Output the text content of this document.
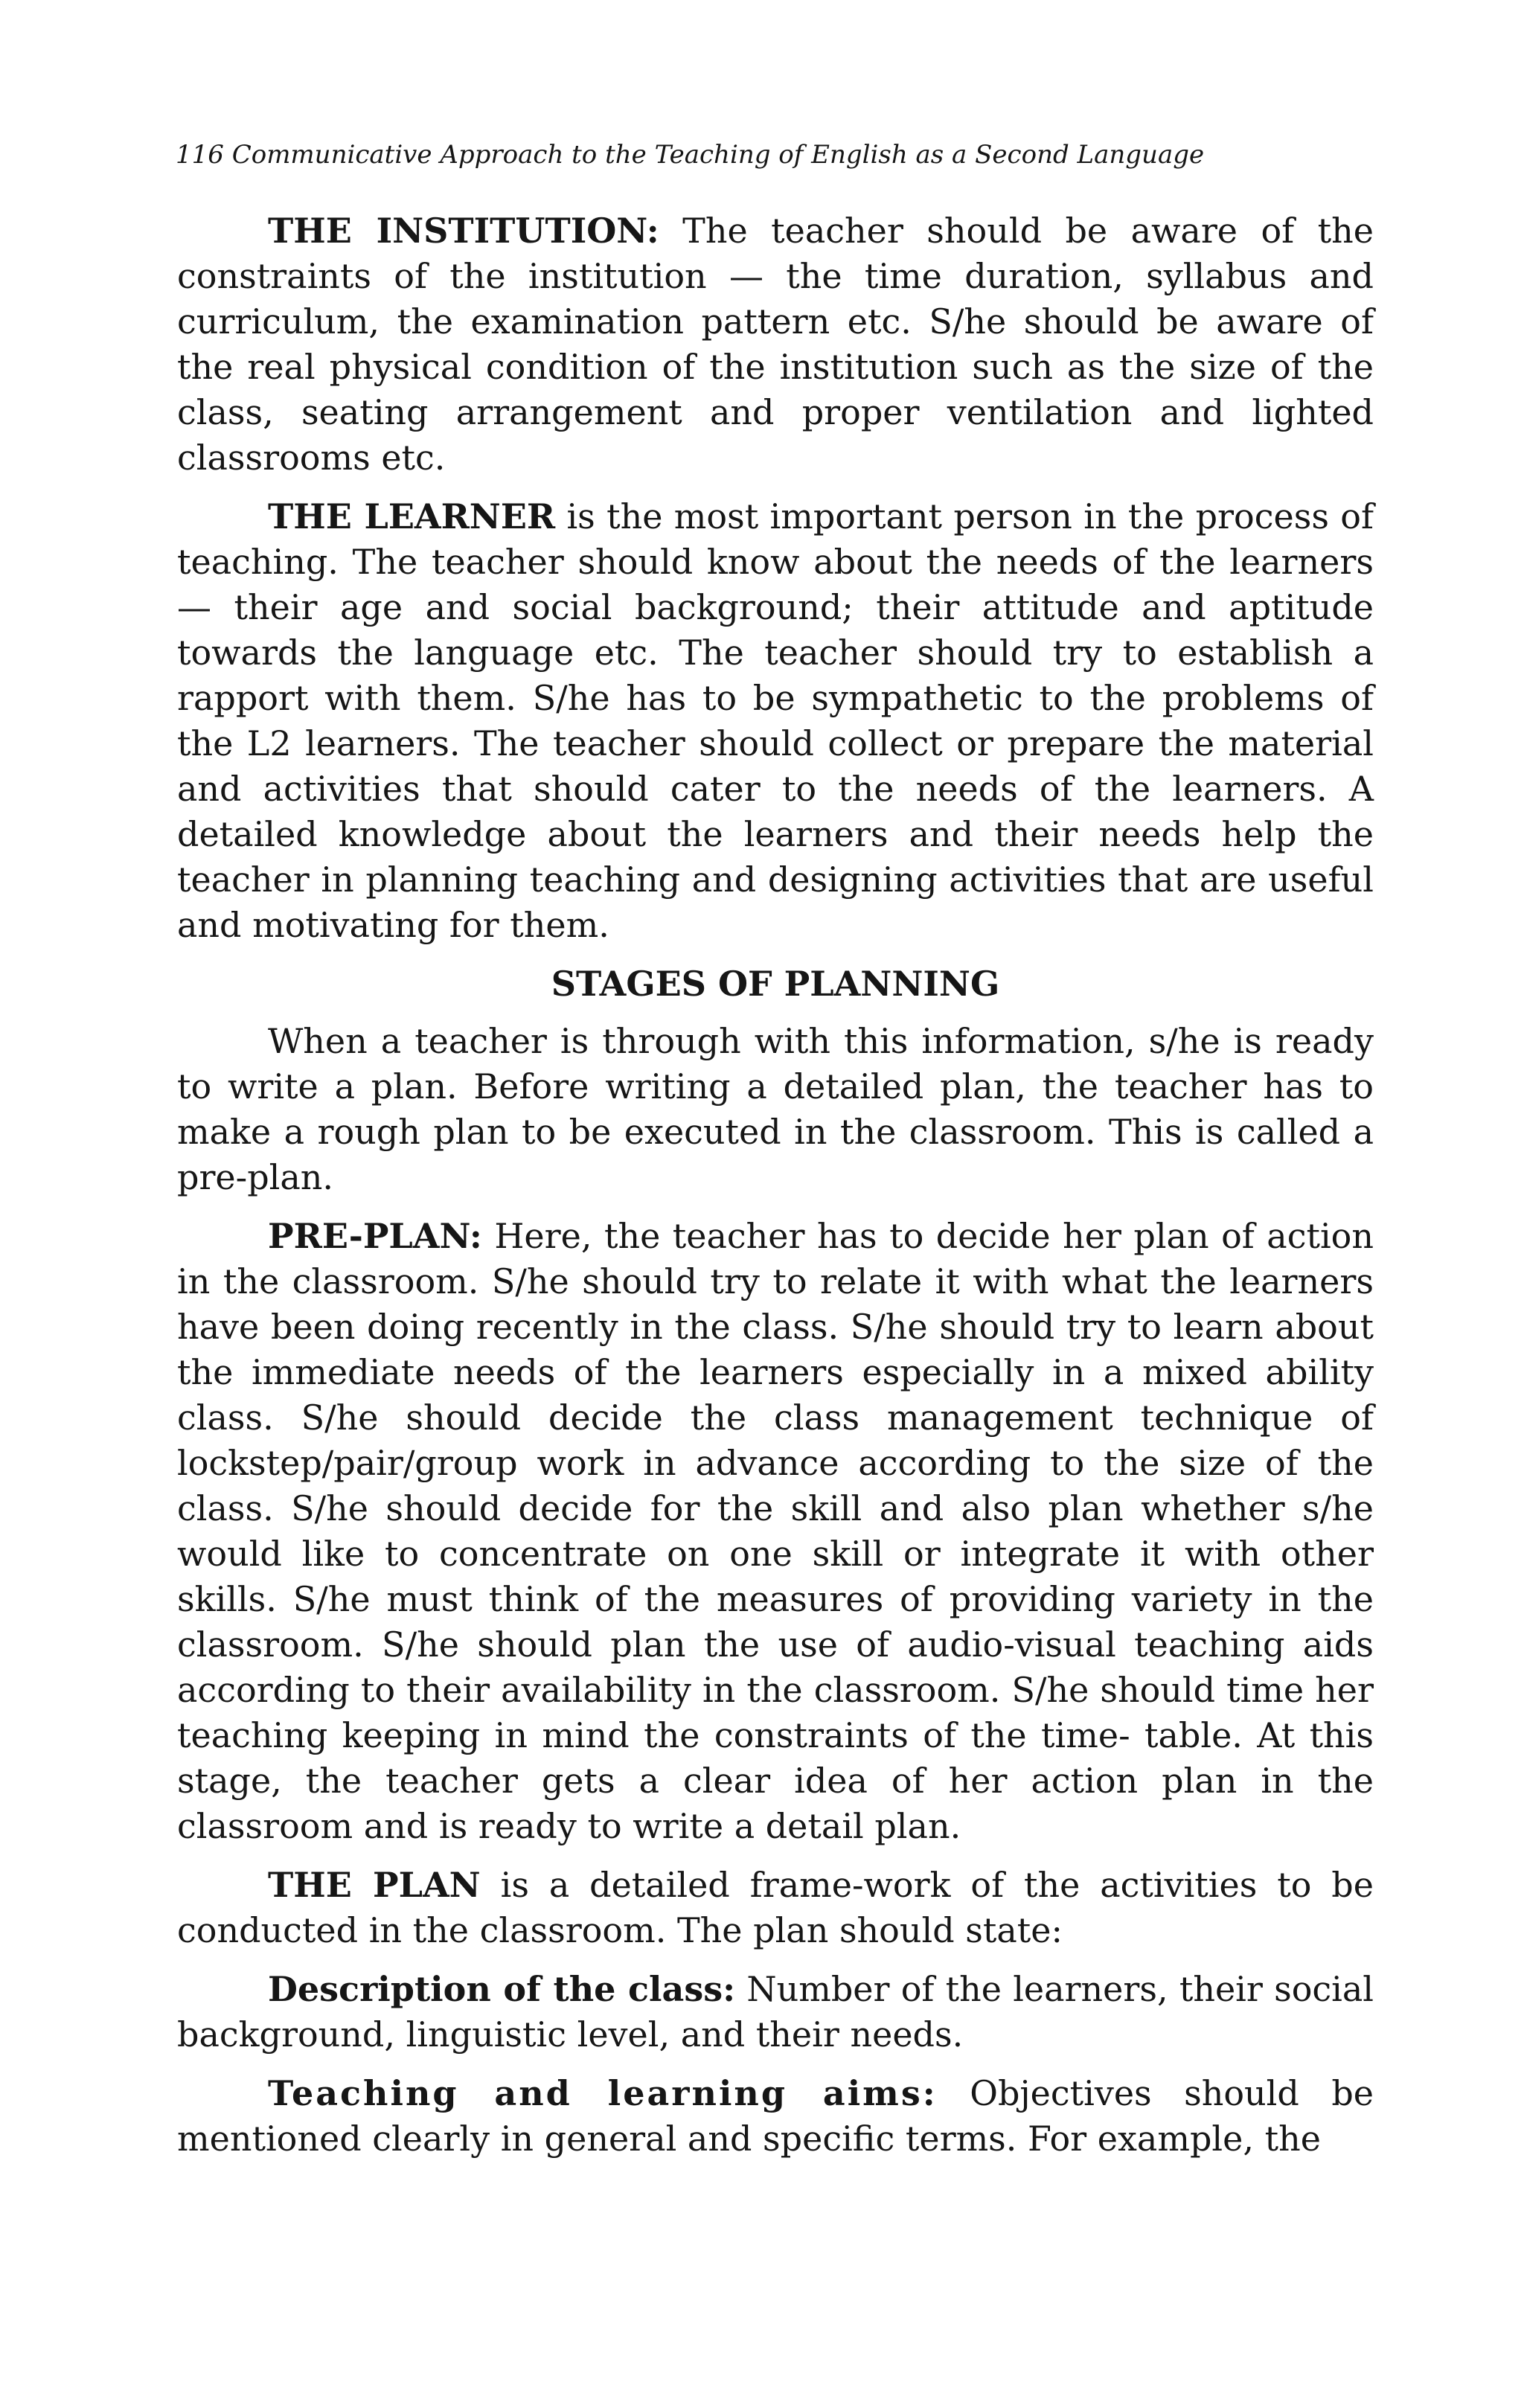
116 Communicative Approach to the Teaching of English as a Second Language

THE INSTITUTION: The teacher should be aware of the constraints of the institution — the time duration, syllabus and curriculum, the examination pattern etc. S/he should be aware of the real physical condition of the institution such as the size of the class, seating arrangement and proper ventilation and lighted classrooms etc.

THE LEARNER is the most important person in the process of teaching. The teacher should know about the needs of the learners — their age and social background; their attitude and aptitude towards the language etc. The teacher should try to establish a rapport with them. S/he has to be sympathetic to the problems of the L2 learners. The teacher should collect or prepare the material and activities that should cater to the needs of the learners. A detailed knowledge about the learners and their needs help the teacher in planning teaching and designing activities that are useful and motivating for them.

STAGES OF PLANNING

When a teacher is through with this information, s/he is ready to write a plan. Before writing a detailed plan, the teacher has to make a rough plan to be executed in the classroom. This is called a pre-plan.

PRE-PLAN: Here, the teacher has to decide her plan of action in the classroom. S/he should try to relate it with what the learners have been doing recently in the class. S/he should try to learn about the immediate needs of the learners especially in a mixed ability class. S/he should decide the class management technique of lockstep/pair/group work in advance according to the size of the class. S/he should decide for the skill and also plan whether s/he would like to concentrate on one skill or integrate it with other skills. S/he must think of the measures of providing variety in the classroom. S/he should plan the use of audio-visual teaching aids according to their availability in the classroom. S/he should time her teaching keeping in mind the constraints of the time- table. At this stage, the teacher gets a clear idea of her action plan in the classroom and is ready to write a detail plan.

THE PLAN is a detailed frame-work of the activities to be conducted in the classroom. The plan should state:

Description of the class: Number of the learners, their social background, linguistic level, and their needs.

Teaching and learning aims: Objectives should be mentioned clearly in general and specific terms. For example, the
